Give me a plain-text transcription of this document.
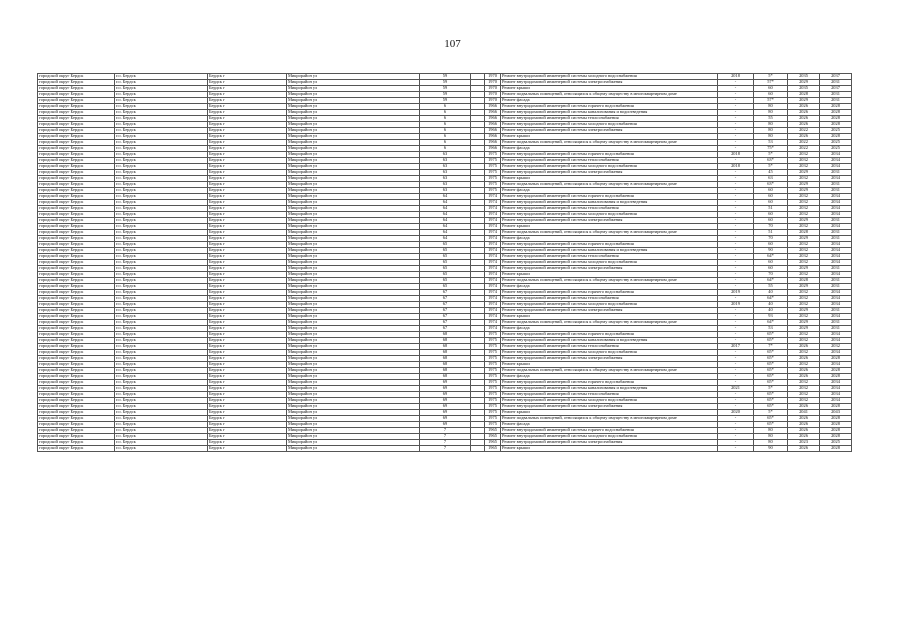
107
городской округ Бердск	г.о. Бердск	Бердск г	Микрорайон ул	59		1970	Ремонт внутридомовой инженерной системы холодного водоснабжения	2018	5*	2035	2037
городской округ Бердск	г.о. Бердск	Бердск г	Микрорайон ул	59		1970	Ремонт внутридомовой инженерной системы электроснабжения	-	57*	2029	2031
городской округ Бердск	г.о. Бердск	Бердск г	Микрорайон ул	59		1970	Ремонт крыши	-	60	2035	2037
городской округ Бердск	г.о. Бердск	Бердск г	Микрорайон ул	59		1970	Ремонт подвальных помещений, относящихся к общему имуществу в многоквартирном доме	-	60	2028	2031
городской округ Бердск	г.о. Бердск	Бердск г	Микрорайон ул	59		1970	Ремонт фасада	-	57*	2029	2031
городской округ Бердск	г.о. Бердск	Бердск г	Микрорайон ул	6		1966	Ремонт внутридомовой инженерной системы горячего водоснабжения	-	80	2026	2028
городской округ Бердск	г.о. Бердск	Бердск г	Микрорайон ул	6		1966	Ремонт внутридомовой инженерной системы канализования и водоотведения	-	80	2026	2028
городской округ Бердск	г.о. Бердск	Бердск г	Микрорайон ул	6		1966	Ремонт внутридомовой инженерной системы теплоснабжения	-	55	2026	2028
городской округ Бердск	г.о. Бердск	Бердск г	Микрорайон ул	6		1966	Ремонт внутридомовой инженерной системы холодного водоснабжения	-	80	2026	2028
городской округ Бердск	г.о. Бердск	Бердск г	Микрорайон ул	6		1966	Ремонт внутридомовой инженерной системы электроснабжения	-	80	2022	2025
городской округ Бердск	г.о. Бердск	Бердск г	Микрорайон ул	6		1966	Ремонт крыши	-	80	2026	2028
городской округ Бердск	г.о. Бердск	Бердск г	Микрорайон ул	6		1966	Ремонт подвальных помещений, относящихся к общему имуществу в многоквартирном доме	-	53	2022	2025
городской округ Бердск	г.о. Бердск	Бердск г	Микрорайон ул	6		1966	Ремонт фасада	-	75*	2022	2025
городской округ Бердск	г.о. Бердск	Бердск г	Микрорайон ул	63		1975	Ремонт внутридомовой инженерной системы горячего водоснабжения	2018	5*	2032	2034
городской округ Бердск	г.о. Бердск	Бердск г	Микрорайон ул	63		1975	Ремонт внутридомовой инженерной системы теплоснабжения	-	63*	2032	2034
городской округ Бердск	г.о. Бердск	Бердск г	Микрорайон ул	63		1975	Ремонт внутридомовой инженерной системы холодного водоснабжения	2018	5*	2032	2034
городской округ Бердск	г.о. Бердск	Бердск г	Микрорайон ул	63		1975	Ремонт внутридомовой инженерной системы электроснабжения	-	45	2029	2031
городской округ Бердск	г.о. Бердск	Бердск г	Микрорайон ул	63		1975	Ремонт крыши	-	63	2032	2034
городской округ Бердск	г.о. Бердск	Бердск г	Микрорайон ул	63		1975	Ремонт подвальных помещений, относящихся к общему имуществу в многоквартирном доме	-	63*	2029	2031
городской округ Бердск	г.о. Бердск	Бердск г	Микрорайон ул	63		1975	Ремонт фасада	-	60	2029	2031
городской округ Бердск	г.о. Бердск	Бердск г	Микрорайон ул	64		1974	Ремонт внутридомовой инженерной системы горячего водоснабжения	-	60	2032	2034
городской округ Бердск	г.о. Бердск	Бердск г	Микрорайон ул	64		1974	Ремонт внутридомовой инженерной системы канализования и водоотведения	-	60	2032	2034
городской округ Бердск	г.о. Бердск	Бердск г	Микрорайон ул	64		1974	Ремонт внутридомовой инженерной системы теплоснабжения	-	51	2032	2034
городской округ Бердск	г.о. Бердск	Бердск г	Микрорайон ул	64		1974	Ремонт внутридомовой инженерной системы холодного водоснабжения	-	60	2032	2034
городской округ Бердск	г.о. Бердск	Бердск г	Микрорайон ул	64		1974	Ремонт внутридомовой инженерной системы электроснабжения	-	60	2029	2031
городской округ Бердск	г.о. Бердск	Бердск г	Микрорайон ул	64		1974	Ремонт крыши	-	70	2032	2034
городской округ Бердск	г.о. Бердск	Бердск г	Микрорайон ул	64		1974	Ремонт подвальных помещений, относящихся к общему имуществу в многоквартирном доме	-	51	2028	2031
городской округ Бердск	г.о. Бердск	Бердск г	Микрорайон ул	64		1974	Ремонт фасада	-	70	2029	2031
городской округ Бердск	г.о. Бердск	Бердск г	Микрорайон ул	65		1974	Ремонт внутридомовой инженерной системы горячего водоснабжения	-	60	2032	2034
городской округ Бердск	г.о. Бердск	Бердск г	Микрорайон ул	65		1974	Ремонт внутридомовой инженерной системы канализования и водоотведения	-	90	2032	2034
городской округ Бердск	г.о. Бердск	Бердск г	Микрорайон ул	65		1974	Ремонт внутридомовой инженерной системы теплоснабжения	-	64*	2032	2034
городской округ Бердск	г.о. Бердск	Бердск г	Микрорайон ул	65		1974	Ремонт внутридомовой инженерной системы холодного водоснабжения	-	60	2032	2034
городской округ Бердск	г.о. Бердск	Бердск г	Микрорайон ул	65		1974	Ремонт внутридомовой инженерной системы электроснабжения	-	60	2029	2031
городской округ Бердск	г.о. Бердск	Бердск г	Микрорайон ул	65		1974	Ремонт крыши	-	70	2032	2034
городской округ Бердск	г.о. Бердск	Бердск г	Микрорайон ул	65		1974	Ремонт подвальных помещений, относящихся к общему имуществу в многоквартирном доме	-	64*	2028	2031
городской округ Бердск	г.о. Бердск	Бердск г	Микрорайон ул	65		1974	Ремонт фасада	-	55	2029	2031
городской округ Бердск	г.о. Бердск	Бердск г	Микрорайон ул	67		1974	Ремонт внутридомовой инженерной системы горячего водоснабжения	2019	40	2032	2034
городской округ Бердск	г.о. Бердск	Бердск г	Микрорайон ул	67		1974	Ремонт внутридомовой инженерной системы теплоснабжения	-	64*	2032	2034
городской округ Бердск	г.о. Бердск	Бердск г	Микрорайон ул	67		1974	Ремонт внутридомовой инженерной системы холодного водоснабжения	2019	40	2032	2034
городской округ Бердск	г.о. Бердск	Бердск г	Микрорайон ул	67		1974	Ремонт внутридомовой инженерной системы электроснабжения	-	40	2029	2031
городской округ Бердск	г.о. Бердск	Бердск г	Микрорайон ул	67		1974	Ремонт крыши	-	93	2032	2034
городской округ Бердск	г.о. Бердск	Бердск г	Микрорайон ул	67		1974	Ремонт подвальных помещений, относящихся к общему имуществу в многоквартирном доме	-	64*	2029	2031
городской округ Бердск	г.о. Бердск	Бердск г	Микрорайон ул	67		1974	Ремонт фасада	-	53	2029	2031
городской округ Бердск	г.о. Бердск	Бердск г	Микрорайон ул	68		1975	Ремонт внутридомовой инженерной системы горячего водоснабжения	-	65*	2032	2034
городской округ Бердск	г.о. Бердск	Бердск г	Микрорайон ул	68		1975	Ремонт внутридомовой инженерной системы канализования и водоотведения	-	65*	2032	2034
городской округ Бердск	г.о. Бердск	Бердск г	Микрорайон ул	68		1975	Ремонт внутридомовой инженерной системы теплоснабжения	2017	7*	2026	2032
городской округ Бердск	г.о. Бердск	Бердск г	Микрорайон ул	68		1975	Ремонт внутридомовой инженерной системы холодного водоснабжения	-	65*	2032	2034
городской округ Бердск	г.о. Бердск	Бердск г	Микрорайон ул	68		1975	Ремонт внутридомовой инженерной системы электроснабжения	-	65*	2026	2028
городской округ Бердск	г.о. Бердск	Бердск г	Микрорайон ул	68		1975	Ремонт крыши	-	65*	2032	2034
городской округ Бердск	г.о. Бердск	Бердск г	Микрорайон ул	68		1975	Ремонт подвальных помещений, относящихся к общему имуществу в многоквартирном доме	-	65*	2026	2028
городской округ Бердск	г.о. Бердск	Бердск г	Микрорайон ул	68		1975	Ремонт фасада	-	65*	2026	2028
городской округ Бердск	г.о. Бердск	Бердск г	Микрорайон ул	69		1975	Ремонт внутридомовой инженерной системы горячего водоснабжения	-	65*	2032	2034
городской округ Бердск	г.о. Бердск	Бердск г	Микрорайон ул	69		1975	Ремонт внутридомовой инженерной системы канализования и водоотведения	2021	5*	2032	2034
городской округ Бердск	г.о. Бердск	Бердск г	Микрорайон ул	69		1975	Ремонт внутридомовой инженерной системы теплоснабжения	-	65*	2032	2034
городской округ Бердск	г.о. Бердск	Бердск г	Микрорайон ул	69		1975	Ремонт внутридомовой инженерной системы холодного водоснабжения	-	65*	2032	2034
городской округ Бердск	г.о. Бердск	Бердск г	Микрорайон ул	69		1975	Ремонт внутридомовой инженерной системы электроснабжения	-	65*	2026	2028
городской округ Бердск	г.о. Бердск	Бердск г	Микрорайон ул	69		1975	Ремонт крыши	2020	5*	2041	2043
городской округ Бердск	г.о. Бердск	Бердск г	Микрорайон ул	69		1975	Ремонт подвальных помещений, относящихся к общему имуществу в многоквартирном доме	-	65*	2026	2028
городской округ Бердск	г.о. Бердск	Бердск г	Микрорайон ул	69		1975	Ремонт фасада	-	65*	2026	2028
городской округ Бердск	г.о. Бердск	Бердск г	Микрорайон ул	7		1965	Ремонт внутридомовой инженерной системы горячего водоснабжения	-	80	2026	2028
городской округ Бердск	г.о. Бердск	Бердск г	Микрорайон ул	7		1965	Ремонт внутридомовой инженерной системы холодного водоснабжения	-	80	2026	2028
городской округ Бердск	г.о. Бердск	Бердск г	Микрорайон ул	7		1965	Ремонт внутридомовой инженерной системы электроснабжения	-	80	2023	2025
городской округ Бердск	г.о. Бердск	Бердск г	Микрорайон ул	7		1965	Ремонт крыши	-	90	2026	2028
